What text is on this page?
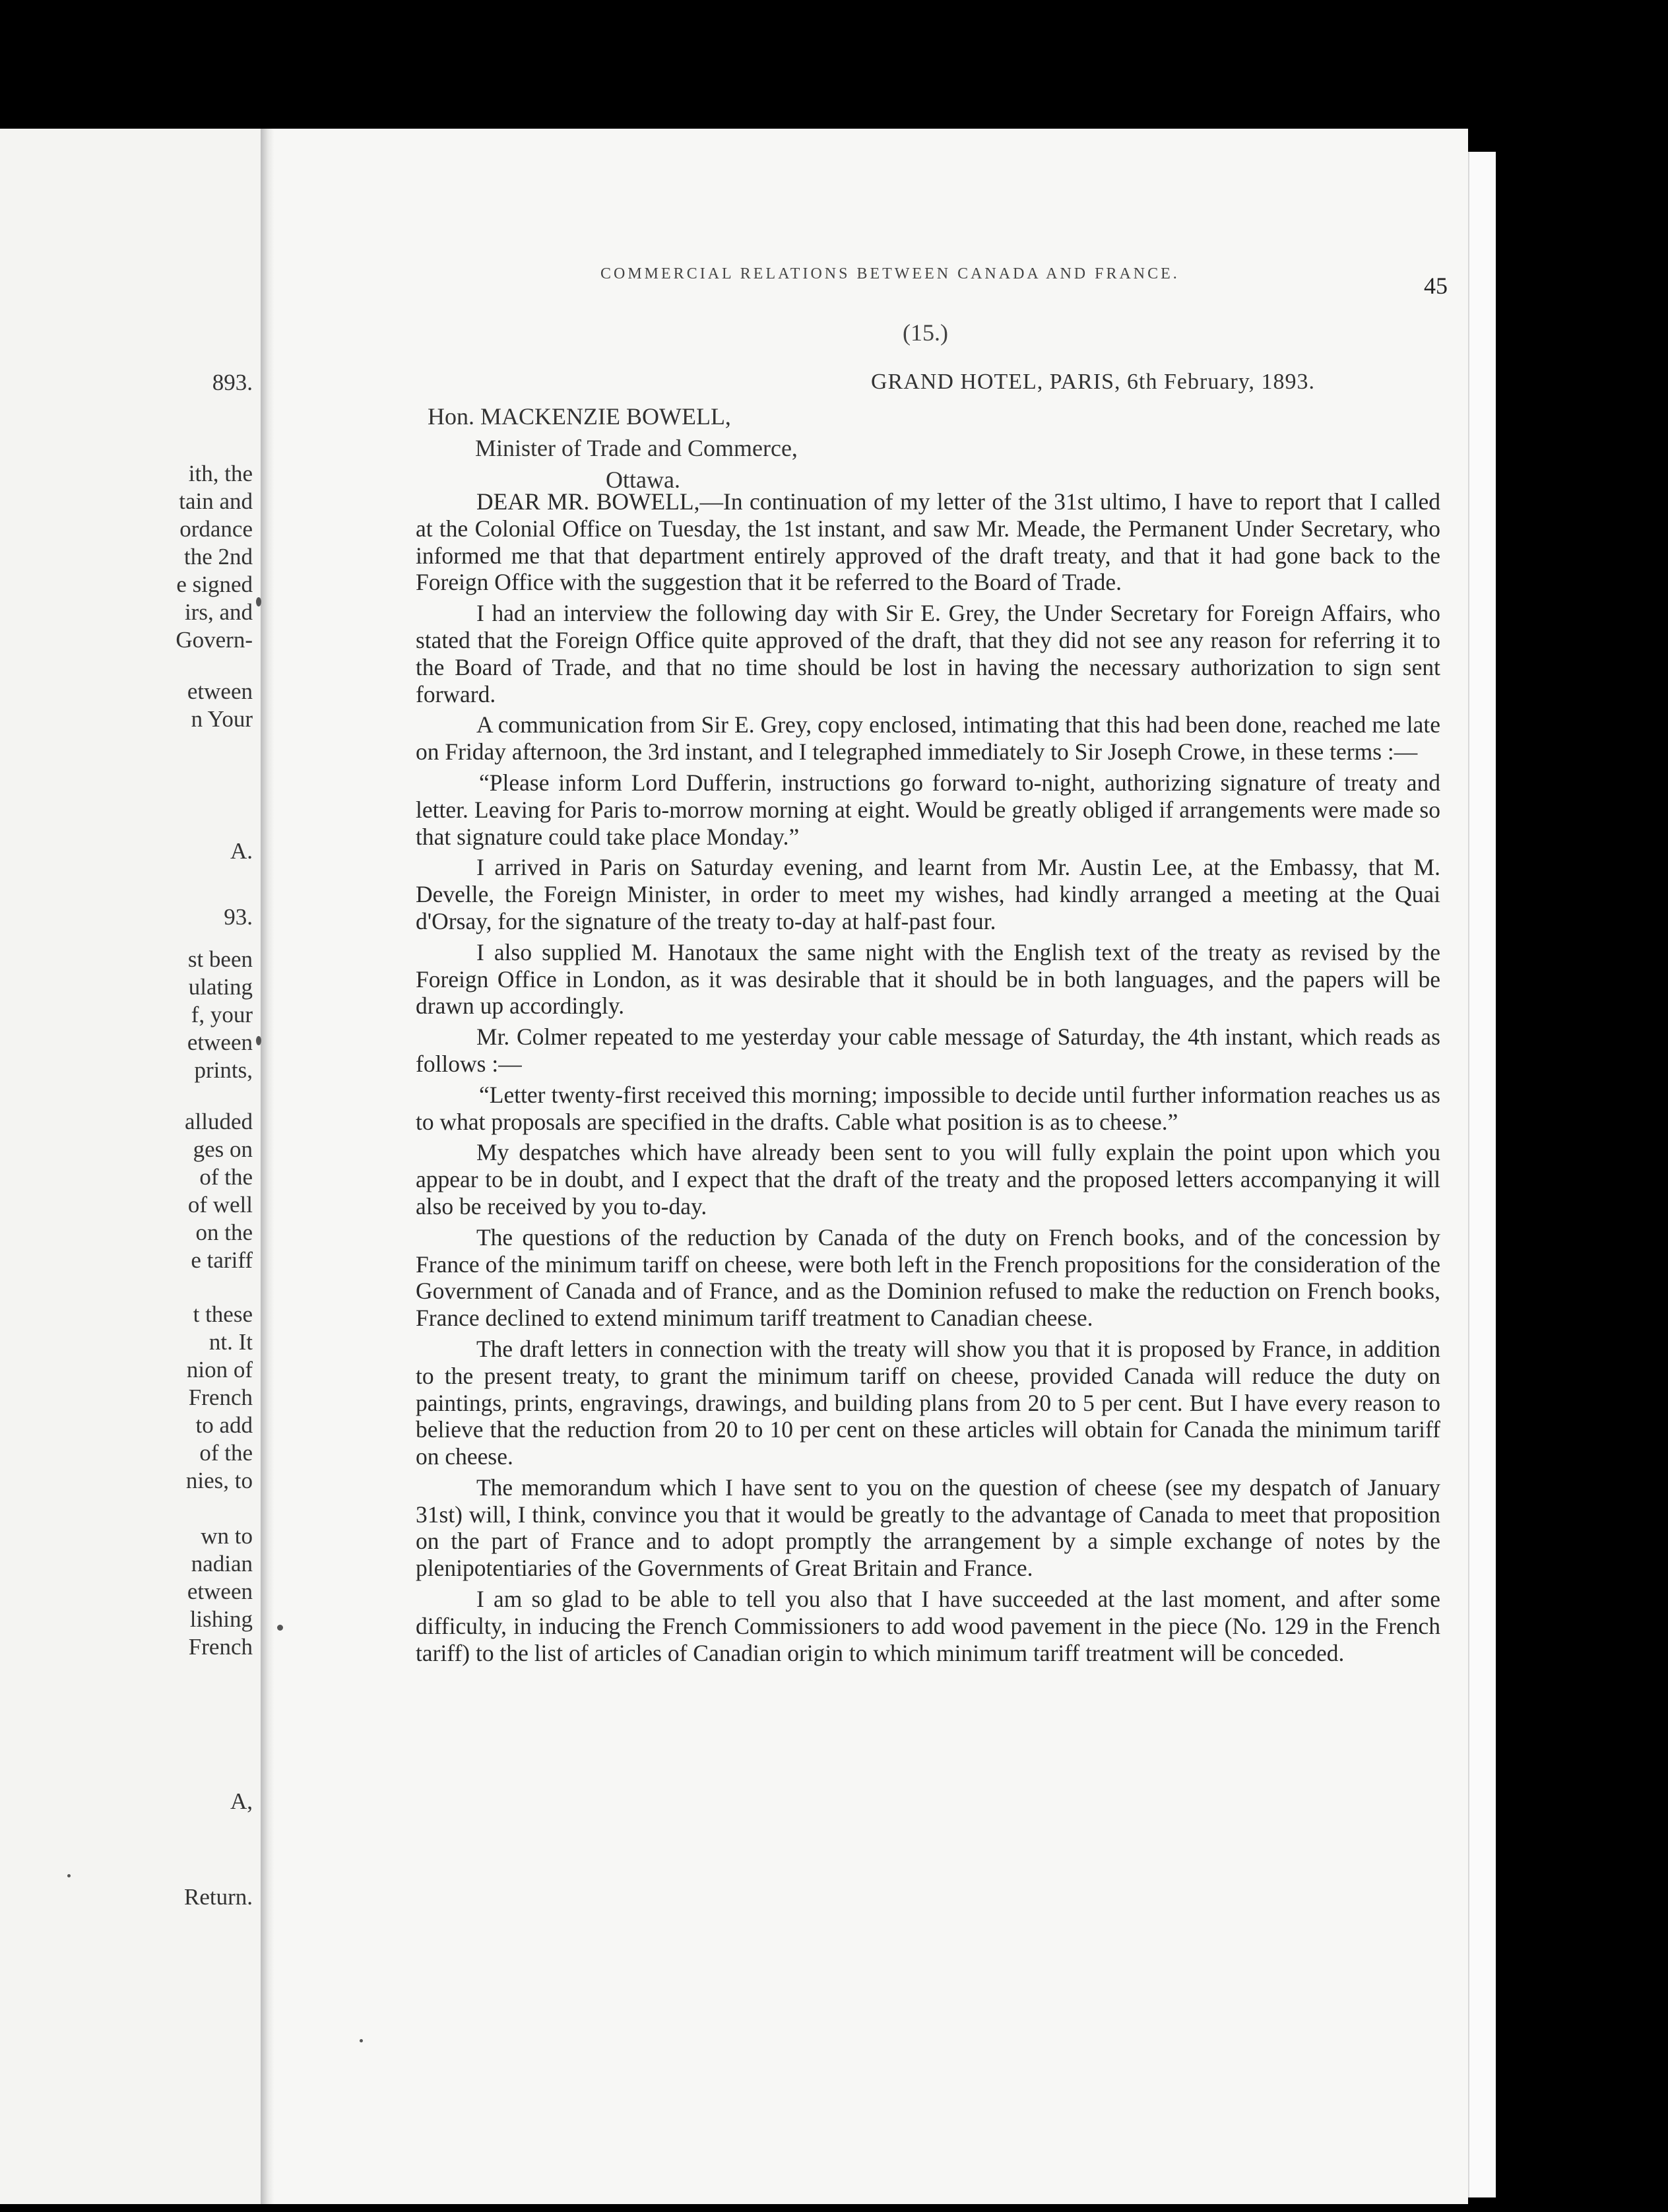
893.
ith, the
tain and
ordance
the 2nd
e signed
irs, and
Govern-
etween
n Your
A.
93.
st been
ulating
f, your
etween
prints,
alluded
ges on
of the
of well
on the
e tariff
t these
nt. It
nion of
French
to add
of the
nies, to
wn to
nadian
etween
lishing
French
A,
Return.
COMMERCIAL RELATIONS BETWEEN CANADA AND FRANCE.	45
(15.)
GRAND HOTEL, PARIS, 6th February, 1893.
Hon. MACKENZIE BOWELL,
Minister of Trade and Commerce,
Ottawa.

DEAR MR. BOWELL,—In continuation of my letter of the 31st ultimo, I have to report that I called at the Colonial Office on Tuesday, the 1st instant, and saw Mr. Meade, the Permanent Under Secretary, who informed me that that department entirely approved of the draft treaty, and that it had gone back to the Foreign Office with the suggestion that it be referred to the Board of Trade.

I had an interview the following day with Sir E. Grey, the Under Secretary for Foreign Affairs, who stated that the Foreign Office quite approved of the draft, that they did not see any reason for referring it to the Board of Trade, and that no time should be lost in having the necessary authorization to sign sent forward.

A communication from Sir E. Grey, copy enclosed, intimating that this had been done, reached me late on Friday afternoon, the 3rd instant, and I telegraphed immediately to Sir Joseph Crowe, in these terms :—

“Please inform Lord Dufferin, instructions go forward to-night, authorizing signature of treaty and letter. Leaving for Paris to-morrow morning at eight. Would be greatly obliged if arrangements were made so that signature could take place Monday.”

I arrived in Paris on Saturday evening, and learnt from Mr. Austin Lee, at the Embassy, that M. Develle, the Foreign Minister, in order to meet my wishes, had kindly arranged a meeting at the Quai d'Orsay, for the signature of the treaty to-day at half-past four.

I also supplied M. Hanotaux the same night with the English text of the treaty as revised by the Foreign Office in London, as it was desirable that it should be in both languages, and the papers will be drawn up accordingly.

Mr. Colmer repeated to me yesterday your cable message of Saturday, the 4th instant, which reads as follows :—

“Letter twenty-first received this morning; impossible to decide until further information reaches us as to what proposals are specified in the drafts. Cable what position is as to cheese.”

My despatches which have already been sent to you will fully explain the point upon which you appear to be in doubt, and I expect that the draft of the treaty and the proposed letters accompanying it will also be received by you to-day.

The questions of the reduction by Canada of the duty on French books, and of the concession by France of the minimum tariff on cheese, were both left in the French propositions for the consideration of the Government of Canada and of France, and as the Dominion refused to make the reduction on French books, France declined to extend minimum tariff treatment to Canadian cheese.

The draft letters in connection with the treaty will show you that it is proposed by France, in addition to the present treaty, to grant the minimum tariff on cheese, provided Canada will reduce the duty on paintings, prints, engravings, drawings, and building plans from 20 to 5 per cent. But I have every reason to believe that the reduction from 20 to 10 per cent on these articles will obtain for Canada the minimum tariff on cheese.

The memorandum which I have sent to you on the question of cheese (see my despatch of January 31st) will, I think, convince you that it would be greatly to the advantage of Canada to meet that proposition on the part of France and to adopt promptly the arrangement by a simple exchange of notes by the plenipotentiaries of the Governments of Great Britain and France.

I am so glad to be able to tell you also that I have succeeded at the last moment, and after some difficulty, in inducing the French Commissioners to add wood pavement in the piece (No. 129 in the French tariff) to the list of articles of Canadian origin to which minimum tariff treatment will be conceded.
